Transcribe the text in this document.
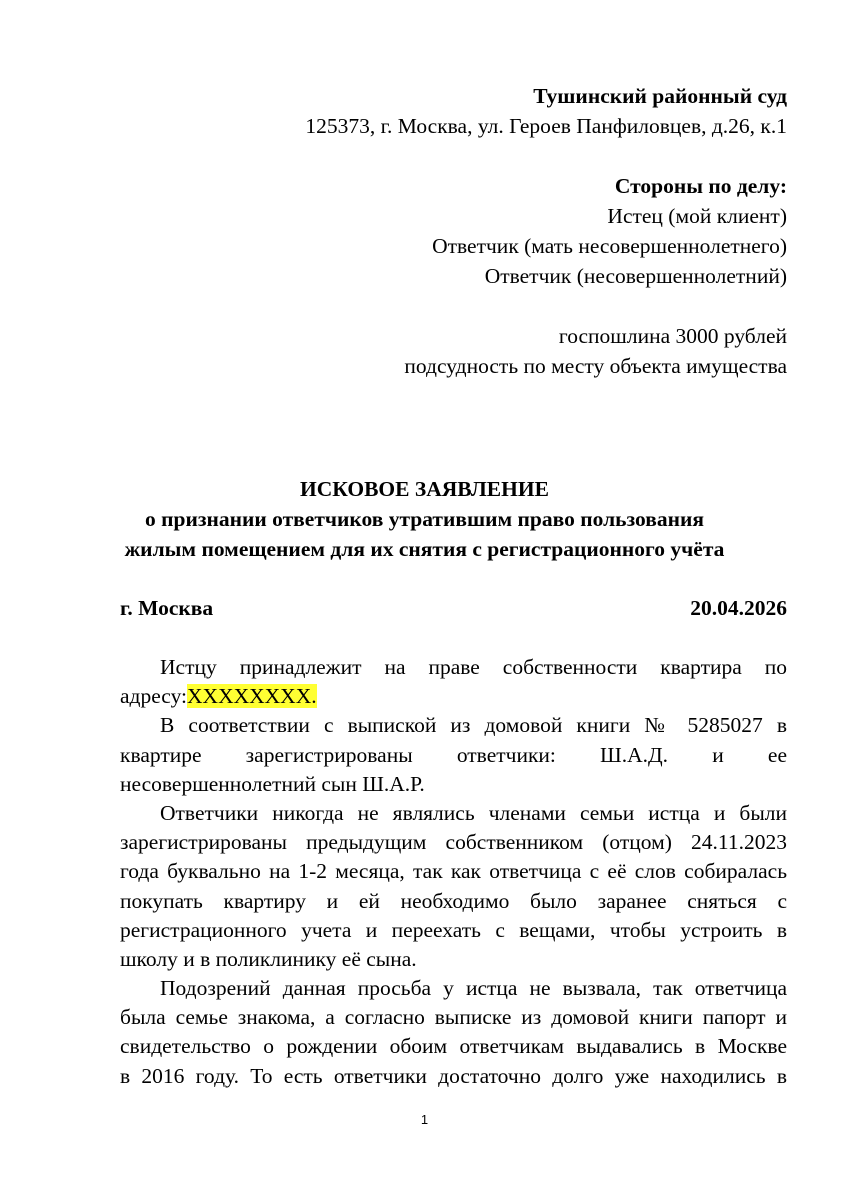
Тушинский районный суд
125373, г. Москва, ул. Героев Панфиловцев, д.26, к.1
Стороны по делу:
Истец (мой клиент)
Ответчик (мать несовершеннолетнего)
Ответчик (несовершеннолетний)
госпошлина 3000 рублей
подсудность по месту объекта имущества
ИСКОВОЕ ЗАЯВЛЕНИЕ
о признании ответчиков утратившим право пользования
жилым помещением для их снятия с регистрационного учёта
г. Москва	20.04.2026
Истцу принадлежит на праве собственности квартира по
адресу:XXXXXXXX.
В соответствии с выпиской из домовой книги № 5285027 в
квартире зарегистрированы ответчики: Ш.А.Д. и ее
несовершеннолетний сын Ш.А.Р.
Ответчики никогда не являлись членами семьи истца и были
зарегистрированы предыдущим собственником (отцом) 24.11.2023
года буквально на 1-2 месяца, так как ответчица с её слов собиралась
покупать квартиру и ей необходимо было заранее сняться с
регистрационного учета и переехать с вещами, чтобы устроить в
школу и в поликлинику её сына.
Подозрений данная просьба у истца не вызвала, так ответчица
была семье знакома, а согласно выписке из домовой книги папорт и
свидетельство о рождении обоим ответчикам выдавались в Москве
в 2016 году. То есть ответчики достаточно долго уже находились в
1
